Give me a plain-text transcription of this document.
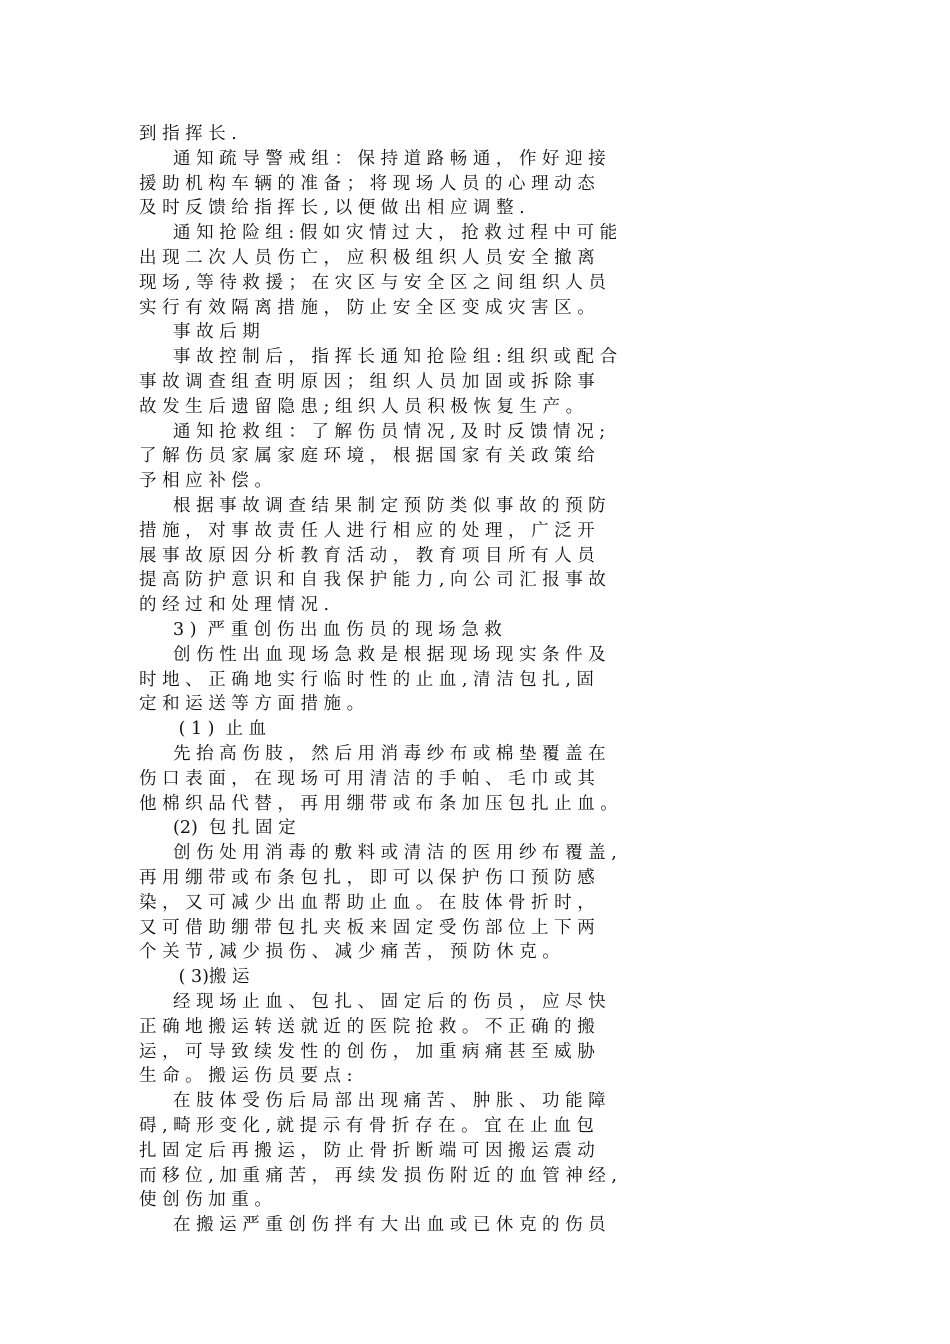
到 指 挥 长 .
通 知 疏 导 警 戒 组 ： 保 持 道 路 畅 通 ， 作 好 迎 接
援 助 机 构 车 辆 的 准 备 ； 将 现 场 人 员 的 心 理 动 态
及 时 反 馈 给 指 挥 长 , 以 便 做 出 相 应 调 整 .
通 知 抢 险 组 : 假 如 灾 情 过 大 ， 抢 救 过 程 中 可 能
出 现 二 次 人 员 伤 亡 ， 应 积 极 组 织 人 员 安 全 撤 离
现 场 , 等 待 救 援 ； 在 灾 区 与 安 全 区 之 间 组 织 人 员
实 行 有 效 隔 离 措 施 ， 防 止 安 全 区 变 成 灾 害 区 。
事 故 后 期
事 故 控 制 后 ， 指 挥 长 通 知 抢 险 组 : 组 织 或 配 合
事 故 调 查 组 查 明 原 因 ； 组 织 人 员 加 固 或 拆 除 事
故 发 生 后 遗 留 隐 患 ; 组 织 人 员 积 极 恢 复 生 产 。
通 知 抢 救 组 ： 了 解 伤 员 情 况 , 及 时 反 馈 情 况 ;
了 解 伤 员 家 属 家 庭 环 境 ， 根 据 国 家 有 关 政 策 给
予 相 应 补 偿 。
根 据 事 故 调 查 结 果 制 定 预 防 类 似 事 故 的 预 防
措 施 ， 对 事 故 责 任 人 进 行 相 应 的 处 理 ， 广 泛 开
展 事 故 原 因 分 析 教 育 活 动 ， 教 育 项 目 所 有 人 员
提 高 防 护 意 识 和 自 我 保 护 能 力 , 向 公 司 汇 报 事 故
的 经 过 和 处 理 情 况 .
3 )  严 重 创 伤 出 血 伤 员 的 现 场 急 救
创 伤 性 出 血 现 场 急 救 是 根 据 现 场 现 实 条 件 及
时 地 、 正 确 地 实 行 临 时 性 的 止 血 , 清 洁 包 扎 , 固
定 和 运 送 等 方 面 措 施 。
( 1 )  止 血
先 抬 高 伤 肢 ， 然 后 用 消 毒 纱 布 或 棉 垫 覆 盖 在
伤 口 表 面 ， 在 现 场 可 用 清 洁 的 手 帕 、 毛 巾 或 其
他 棉 织 品 代 替 ， 再 用 绷 带 或 布 条 加 压 包 扎 止 血 。
(2)  包 扎 固 定
创 伤 处 用 消 毒 的 敷 料 或 清 洁 的 医 用 纱 布 覆 盖 ,
再 用 绷 带 或 布 条 包 扎 ， 即 可 以 保 护 伤 口 预 防 感
染 ， 又 可 减 少 出 血 帮 助 止 血 。 在 肢 体 骨 折 时 ，
又 可 借 助 绷 带 包 扎 夹 板 来 固 定 受 伤 部 位 上 下 两
个 关 节 , 减 少 损 伤 、 减 少 痛 苦 ， 预 防 休 克 。
( 3)搬 运
经 现 场 止 血 、 包 扎 、 固 定 后 的 伤 员 ， 应 尽 快
正 确 地 搬 运 转 送 就 近 的 医 院 抢 救 。 不 正 确 的 搬
运 ， 可 导 致 续 发 性 的 创 伤 ， 加 重 病 痛 甚 至 威 胁
生 命 。 搬 运 伤 员 要 点 :
在 肢 体 受 伤 后 局 部 出 现 痛 苦 、 肿 胀 、 功 能 障
碍 , 畸 形 变 化 , 就 提 示 有 骨 折 存 在 。 宜 在 止 血 包
扎 固 定 后 再 搬 运 ， 防 止 骨 折 断 端 可 因 搬 运 震 动
而 移 位 , 加 重 痛 苦 ， 再 续 发 损 伤 附 近 的 血 管 神 经 ,
使 创 伤 加 重 。
在 搬 运 严 重 创 伤 拌 有 大 出 血 或 已 休 克 的 伤 员
